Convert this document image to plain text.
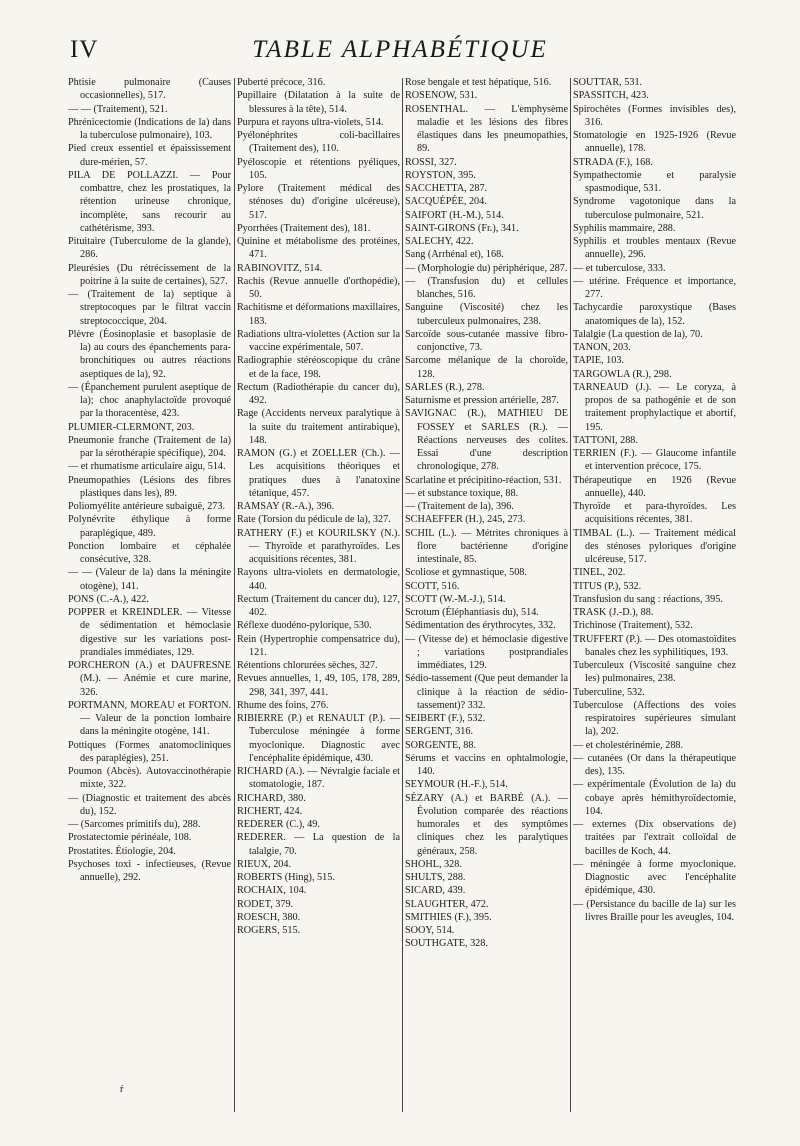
IV	TABLE ALPHABÉTIQUE

Phtisie pulmonaire (Causes occasionnelles), 517.

— — (Traitement), 521.

Phrénicectomie (Indications de la) dans la tuberculose pulmonaire), 103.

Pied creux essentiel et épaississement dure-mérien, 57.

PILA DE POLLAZZI. — Pour combattre, chez les prostatiques, la rétention urineuse chronique, incomplète, sans recourir au cathétérisme, 393.

Pituitaire (Tuberculome de la glande), 286.

Pleurésies (Du rétrécissement de la poitrine à la suite de certaines), 527.

— (Traitement de la) septique à streptocoques par le filtrat vaccin streptococcique, 204.

Plèvre (Éosinoplasie et basoplasie de la) au cours des épanchements para-bronchitiques ou autres réactions aseptiques de la), 92.

— (Épanchement purulent aseptique de la); choc anaphylactoïde provoqué par la thoracentèse, 423.

PLUMIER-CLERMONT, 203.

Pneumonie franche (Traitement de la) par la sérothérapie spécifique), 204.

— et rhumatisme articulaire aigu, 514.

Pneumopathies (Lésions des fibres plastiques dans les), 89.

Poliomyélite antérieure subaiguë, 273.

Polynévrite éthylique à forme paraplégique, 489.

Ponction lombaire et céphalée consécutive, 328.

— — (Valeur de la) dans la méningite otogène), 141.

PONS (C.-A.), 422.

POPPER et KREINDLER. — Vitesse de sédimentation et hémoclasie digestive sur les variations post-prandiales immédiates, 129.

PORCHERON (A.) et DAUFRESNE (M.). — Anémie et cure marine, 326.

PORTMANN, MOREAU et FORTON. — Valeur de la ponction lombaire dans la méningite otogène, 141.

Pottiques (Formes anatomocliniques des paraplégies), 251.

Poumon (Abcès). Autovaccinothérapie mixte, 322.

— (Diagnostic et traitement des abcès du), 152.

— (Sarcomes primitifs du), 288.

Prostatectomie périnéale, 108.

Prostatites. Étiologie, 204.

Psychoses toxi - infectieuses, (Revue annuelle), 292.

Puberté précoce, 316.

Pupillaire (Dilatation à la suite de blessures à la tête), 514.

Purpura et rayons ultra-violets, 514.

Pyélonéphrites coli-bacillaires (Traitement des), 110.

Pyéloscopie et rétentions pyéliques, 105.

Pylore (Traitement médical des sténoses du) d'origine ulcéreuse), 517.

Pyorrhées (Traitement des), 181.

Quinine et métabolisme des protéines, 471.

RABINOVITZ, 514.

Rachis (Revue annuelle d'orthopédie), 50.

Rachitisme et déformations maxillaires, 183.

Radiations ultra-violettes (Action sur la vaccine expérimentale, 507.

Radiographie stéréoscopique du crâne et de la face, 198.

Rectum (Radiothérapie du cancer du), 492.

Rage (Accidents nerveux paralytique à la suite du traitement antirabique), 148.

RAMON (G.) et ZOELLER (Ch.). — Les acquisitions théoriques et pratiques dues à l'anatoxine tétanique, 457.

RAMSAY (R.-A.), 396.

Rate (Torsion du pédicule de la), 327.

RATHERY (F.) et KOURILSKY (N.). — Thyroïde et parathyroïdes. Les acquisitions récentes, 381.

Rayons ultra-violets en dermatologie, 440.

Rectum (Traitement du cancer du), 127, 402.

Réflexe duodéno-pylorique, 530.

Rein (Hypertrophie compensatrice du), 121.

Rétentions chlorurées sèches, 327.

Revues annuelles, 1, 49, 105, 178, 289, 298, 341, 397, 441.

Rhume des foins, 276.

RIBIERRE (P.) et RENAULT (P.). — Tuberculose méningée à forme myoclonique. Diagnostic avec l'encéphalite épidémique, 430.

RICHARD (A.). — Névralgie faciale et stomatologie, 187.

RICHARD, 380.

RICHERT, 424.

REDERER (C.), 49.

REDERER. — La question de la talalgie, 70.

RIEUX, 204.

ROBERTS (Hing), 515.

ROCHAIX, 104.

RODET, 379.

ROESCH, 380.

ROGERS, 515.

Rose bengale et test hépatique, 516.

ROSENOW, 531.

ROSENTHAL. — L'emphysème maladie et les lésions des fibres élastiques dans les pneumopathies, 89.

ROSSI, 327.

ROYSTON, 395.

SACCHETTA, 287.

SACQUÉPÉE, 204.

SAIFORT (H.-M.), 514.

SAINT-GIRONS (Fr.), 341.

SALECHY, 422.

Sang (Arrhénal et), 168.

— (Morphologie du) périphérique, 287.

— (Transfusion du) et cellules blanches, 516.

Sanguine (Viscosité) chez les tuberculeux pulmonaires, 238.

Sarcoïde sous-cutanée massive fibro-conjonctive, 73.

Sarcome mélanique de la choroïde, 128.

SARLES (R.), 278.

Saturnisme et pression artérielle, 287.

SAVIGNAC (R.), MATHIEU DE FOSSEY et SARLES (R.). — Réactions nerveuses des colites. Essai d'une description chronologique, 278.

Scarlatine et précipitino-réaction, 531.

— et substance toxique, 88.

— (Traitement de la), 396.

SCHAEFFER (H.), 245, 273.

SCHIL (L.). — Métrites chroniques à flore bactérienne d'origine intestinale, 85.

Scoliose et gymnastique, 508.

SCOTT, 516.

SCOTT (W.-M.-J.), 514.

Scrotum (Éléphantiasis du), 514.

Sédimentation des érythrocytes, 332.

— (Vitesse de) et hémoclasie digestive ; variations postprandiales immédiates, 129.

Sédio-tassement (Que peut demander la clinique à la réaction de sédio-tassement)? 332.

SEIBERT (F.), 532.

SERGENT, 316.

SORGENTE, 88.

Sérums et vaccins en ophtalmologie, 140.

SEYMOUR (H.-F.), 514.

SÉZARY (A.) et BARBÉ (A.). — Évolution comparée des réactions humorales et des symptômes cliniques chez les paralytiques généraux, 258.

SHOHL, 328.

SHULTS, 288.

SICARD, 439.

SLAUGHTER, 472.

SMITHIES (F.), 395.

SOOY, 514.

SOUTHGATE, 328.

SOUTTAR, 531.

SPASSITCH, 423.

Spirochètes (Formes invisibles des), 316.

Stomatologie en 1925-1926 (Revue annuelle), 178.

STRADA (F.), 168.

Sympathectomie et paralysie spasmodique, 531.

Syndrome vagotonique dans la tuberculose pulmonaire, 521.

Syphilis mammaire, 288.

Syphilis et troubles mentaux (Revue annuelle), 296.

— et tuberculose, 333.

— utérine. Fréquence et importance, 277.

Tachycardie paroxystique (Bases anatomiques de la), 152.

Talalgie (La question de la), 70.

TANON, 203.

TAPIE, 103.

TARGOWLA (R.), 298.

TARNEAUD (J.). — Le coryza, à propos de sa pathogénie et de son traitement prophylactique et abortif, 195.

TATTONI, 288.

TERRIEN (F.). — Glaucome infantile et intervention précoce, 175.

Thérapeutique en 1926 (Revue annuelle), 440.

Thyroïde et para-thyroïdes. Les acquisitions récentes, 381.

TIMBAL (L.). — Traitement médical des sténoses pyloriques d'origine ulcéreuse, 517.

TINEL, 202.

TITUS (P.), 532.

Transfusion du sang : réactions, 395.

TRASK (J.-D.), 88.

Trichinose (Traitement), 532.

TRUFFERT (P.). — Des otomastoïdites banales chez les syphilitiques, 193.

Tuberculeux (Viscosité sanguine chez les) pulmonaires, 238.

Tuberculine, 532.

Tuberculose (Affections des voies respiratoires supérieures simulant la), 202.

— et cholestérinémie, 288.

— cutanées (Or dans la thérapeutique des), 135.

— expérimentale (Évolution de la) du cobaye après hémithyroïdectomie, 104.

— externes (Dix observations de) traitées par l'extrait colloïdal de bacilles de Koch, 44.

— méningée à forme myoclonique. Diagnostic avec l'encéphalite épidémique, 430.

— (Persistance du bacille de la) sur les livres Braille pour les aveugles, 104.

ŕ
